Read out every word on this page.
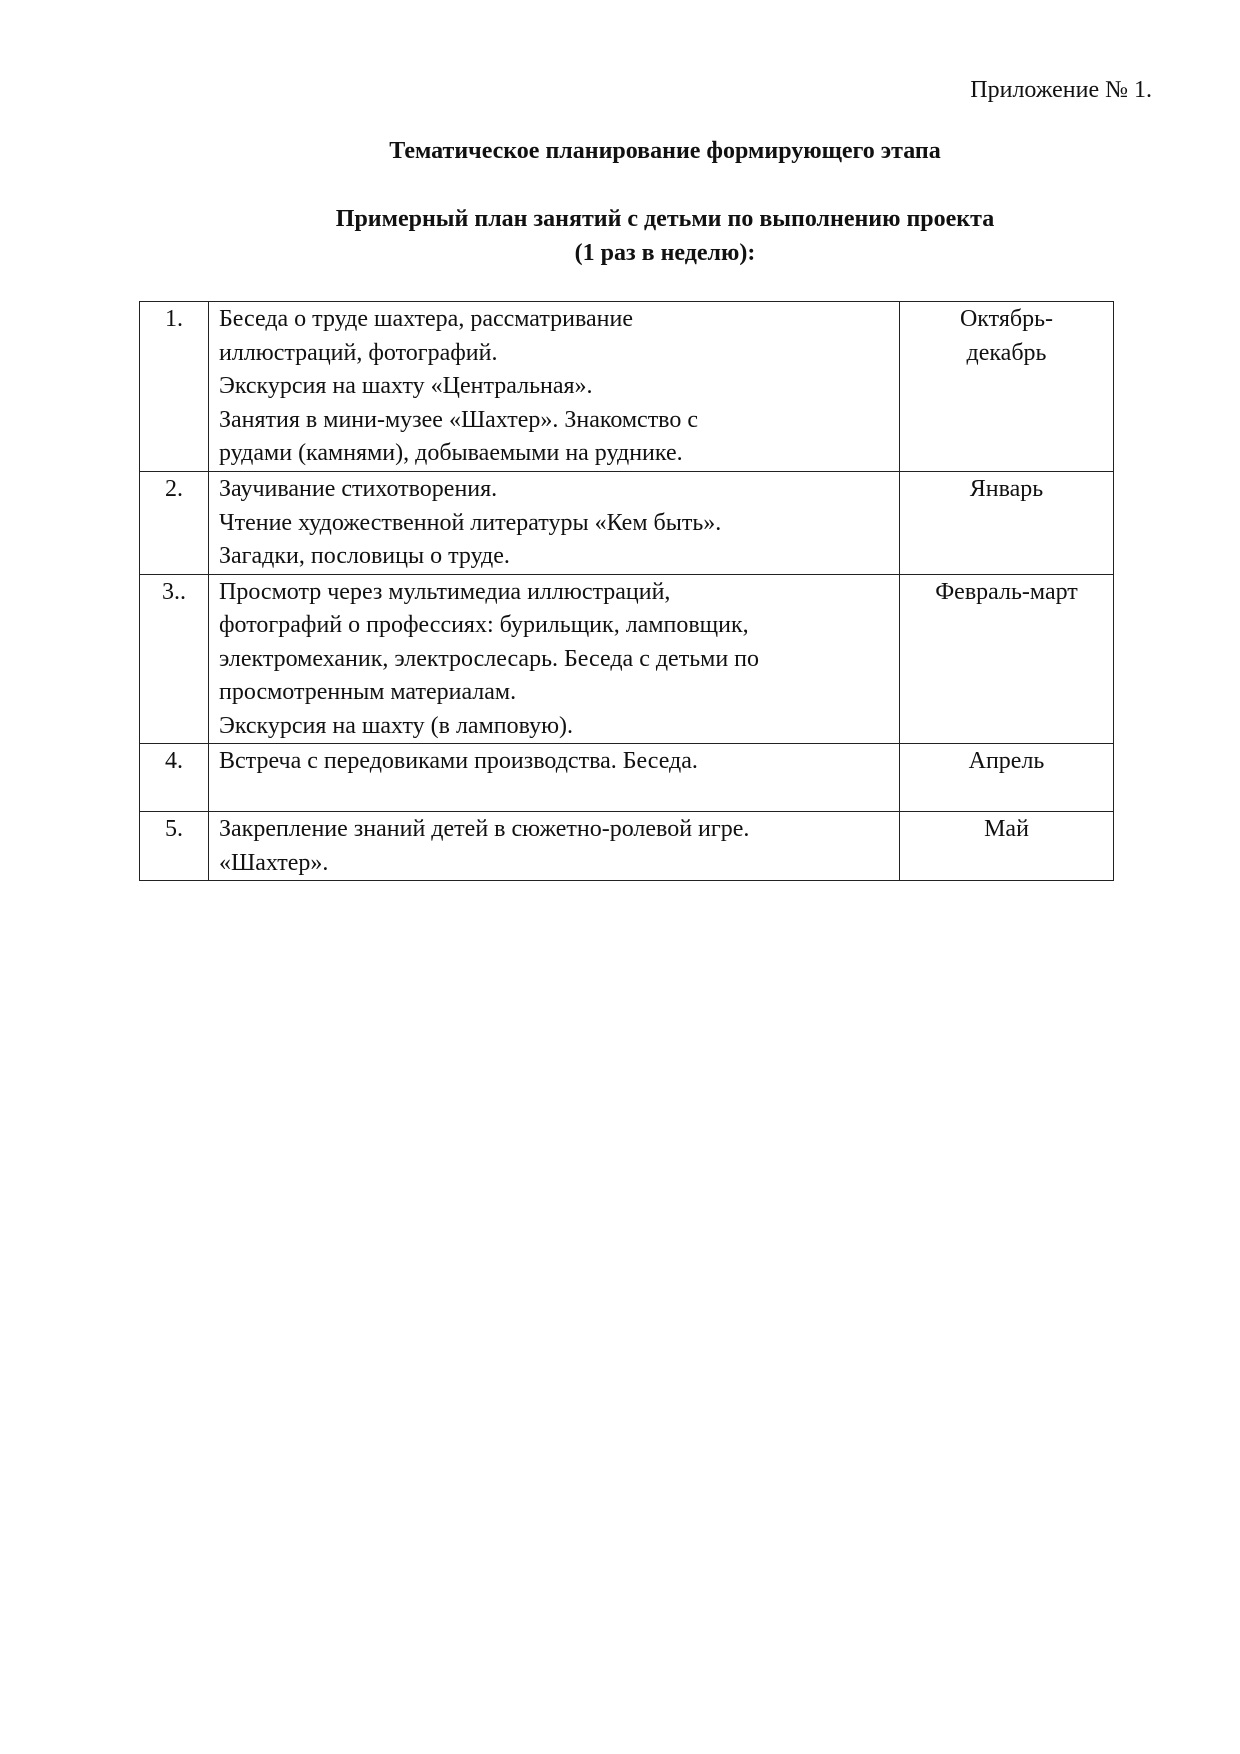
Приложение № 1.
Тематическое планирование формирующего этапа
Примерный план занятий с детьми по выполнению проекта
(1 раз в неделю):
1.	Беседа о труде шахтера, рассматривание
иллюстраций, фотографий.
Экскурсия на шахту «Центральная».
Занятия в мини-музее «Шахтер». Знакомство с
рудами (камнями), добываемыми на руднике.	Октябрь-
декабрь

2.	Заучивание стихотворения.
Чтение художественной литературы «Кем быть».
Загадки, пословицы о труде.	Январь

3..	Просмотр через мультимедиа иллюстраций,
фотографий о профессиях: бурильщик, ламповщик,
электромеханик, электрослесарь. Беседа с детьми по
просмотренным материалам.
Экскурсия на шахту (в ламповую).	Февраль-март

4.	Встреча с передовиками производства. Беседа.	Апрель

5.	Закрепление знаний детей в сюжетно-ролевой игре.
«Шахтер».	Май
